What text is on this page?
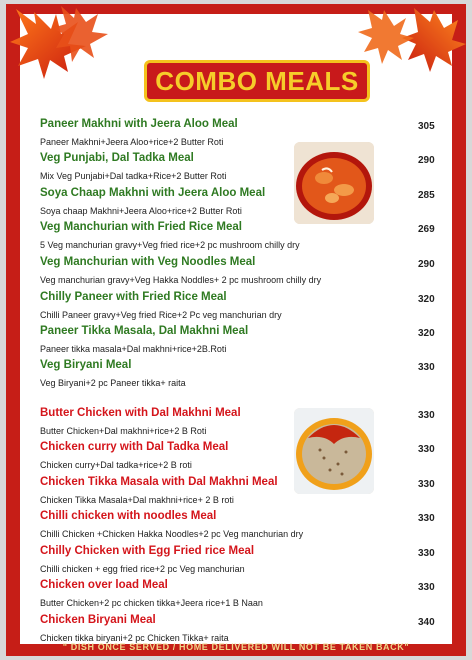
COMBO MEALS
Paneer Makhni with Jeera Aloo Meal
Paneer Makhni+Jeera Aloo+rice+2 Butter Roti
305
Veg Punjabi, Dal Tadka Meal
Mix Veg Punjabi+Dal tadka+Rice+2 Butter Roti
290
Soya Chaap Makhni with Jeera Aloo Meal
Soya chaap Makhni+Jeera Aloo+rice+2 Butter Roti
285
Veg Manchurian with Fried Rice Meal
5 Veg manchurian gravy+Veg fried rice+2 pc mushroom chilly dry
269
Veg Manchurian with Veg Noodles Meal
Veg manchurian gravy+Veg Hakka Noddles+ 2 pc mushroom chilly dry
290
Chilly Paneer with Fried Rice Meal
Chilli Paneer gravy+Veg fried Rice+2 Pc veg manchurian dry
320
Paneer Tikka Masala, Dal Makhni Meal
Paneer tikka masala+Dal makhni+rice+2B.Roti
320
Veg Biryani Meal
Veg Biryani+2 pc Paneer tikka+ raita
330
Butter Chicken with Dal Makhni Meal
Butter Chicken+Dal makhni+rice+2 B Roti
330
Chicken curry with Dal Tadka Meal
Chicken curry+Dal tadka+rice+2 B roti
330
Chicken Tikka Masala with Dal Makhni Meal
Chicken Tikka Masala+Dal makhni+rice+ 2 B roti
330
Chilli chicken with noodles Meal
Chilli Chicken +Chicken Hakka Noodles+2 pc Veg manchurian dry
330
Chilly Chicken with Egg Fried rice Meal
Chilli chicken + egg fried rice+2 pc Veg manchurian
330
Chicken over load Meal
Butter Chicken+2 pc chicken tikka+Jeera rice+1 B Naan
330
Chicken Biryani Meal
Chicken tikka biryani+2 pc Chicken Tikka+ raita
340
" DISH ONCE SERVED / HOME DELIVERED WILL NOT BE TAKEN BACK"
